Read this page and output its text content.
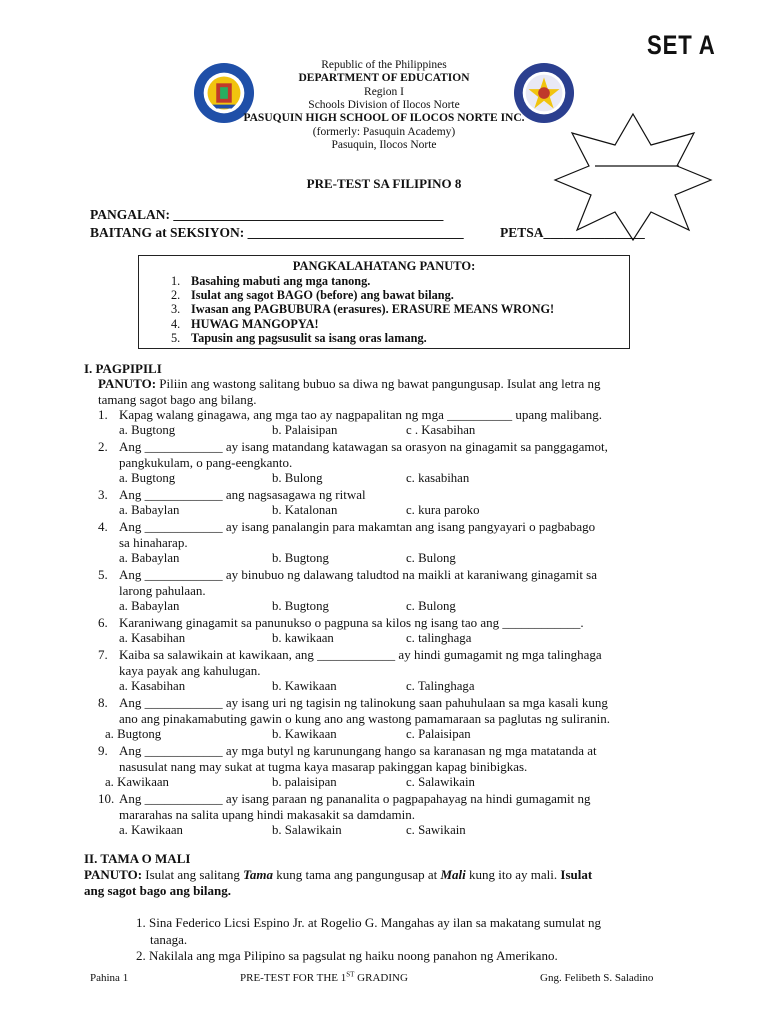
SET A
Republic of the Philippines
DEPARTMENT OF EDUCATION
Region I
Schools Division of Ilocos Norte
PASUQUIN HIGH SCHOOL OF ILOCOS NORTE INC.
(formerly: Pasuquin Academy)
Pasuquin, Ilocos Norte
PRE-TEST SA FILIPINO 8
PANGALAN: ________________________________________
BAITANG at SEKSIYON: ________________________________	PETSA_______________
PANGKALAHATANG PANUTO:
1. Basahing mabuti ang mga tanong.
2. Isulat ang sagot BAGO (before) ang bawat bilang.
3. Iwasan ang PAGBUBURA (erasures). ERASURE MEANS WRONG!
4. HUWAG MANGOPYA!
5. Tapusin ang pagsusulit sa isang oras lamang.
I. PAGPIPILI
PANUTO: Piliin ang wastong salitang bubuo sa diwa ng bawat pangungusap. Isulat ang letra ng
tamang sagot bago ang bilang.
1. Kapag walang ginagawa, ang mga tao ay nagpapalitan ng mga __________ upang malibang.
a. Bugtong	b. Palaisipan	c . Kasabihan
2. Ang ____________ ay isang matandang katawagan sa orasyon na ginagamit sa panggagamot,
pangkukulam, o pang-eengkanto.
a. Bugtong	b. Bulong	c. kasabihan
3. Ang ____________ ang nagsasagawa ng ritwal
a. Babaylan	b. Katalonan	c. kura paroko
4. Ang ____________ ay isang panalangin para makamtan ang isang pangyayari o pagbabago
sa hinaharap.
a. Babaylan	b. Bugtong	c. Bulong
5. Ang ____________ ay binubuo ng dalawang taludtod na maikli at karaniwang ginagamit sa
larong pahulaan.
a. Babaylan	b. Bugtong	c. Bulong
6. Karaniwang ginagamit sa panunukso o pagpuna sa kilos ng isang tao ang ____________.
a. Kasabihan	b. kawikaan	c. talinghaga
7. Kaiba sa salawikain at kawikaan, ang ____________ ay hindi gumagamit ng mga talinghaga
kaya payak ang kahulugan.
a. Kasabihan	b. Kawikaan	c. Talinghaga
8. Ang ____________ ay isang uri ng tagisin ng talinokung saan pahuhulaan sa mga kasali kung
ano ang pinakamabuting gawin o kung ano ang wastong pamamaraan sa paglutas ng suliranin.
a. Bugtong	b. Kawikaan	c. Palaisipan
9. Ang ____________ ay mga butyl ng karunungang hango sa karanasan ng mga matatanda at
nasusulat nang may sukat at tugma kaya masarap pakinggan kapag binibigkas.
a. Kawikaan	b. palaisipan	c. Salawikain
10. Ang ____________ ay isang paraan ng pananalita o pagpapahayag na hindi gumagamit ng
mararahas na salita upang hindi makasakit sa damdamin.
a. Kawikaan	b. Salawikain	c. Sawikain
II. TAMA O MALI
PANUTO: Isulat ang salitang Tama kung tama ang pangungusap at Mali kung ito ay mali. Isulat
ang sagot bago ang bilang.
1. Sina Federico Licsi Espino Jr. at Rogelio G. Mangahas ay ilan sa makatang sumulat ng
tanaga.
2. Nakilala ang mga Pilipino sa pagsulat ng haiku noong panahon ng Amerikano.
Pahina 1	PRE-TEST FOR THE 1ST GRADING	Gng. Felibeth S. Saladino
